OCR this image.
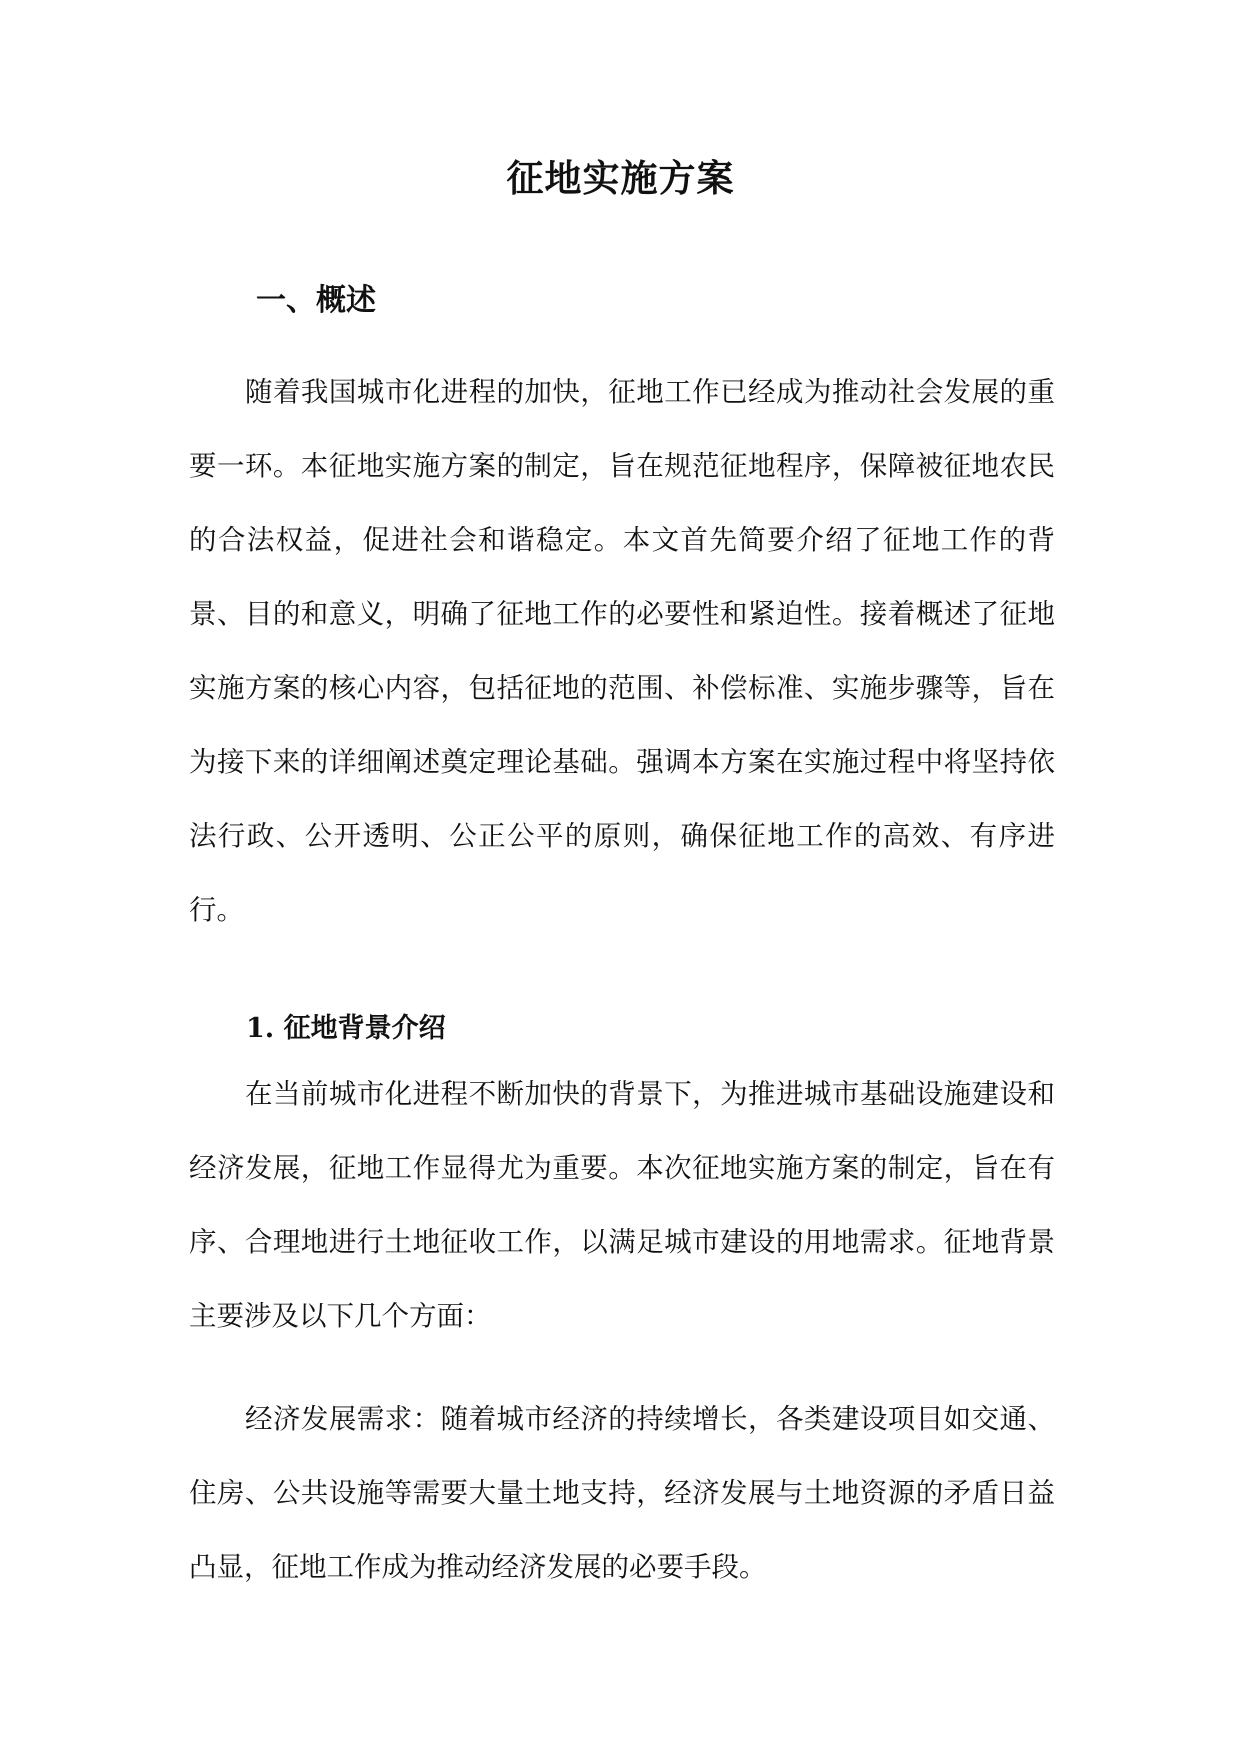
征地实施方案
一、概述

随着我国城市化进程的加快，征地工作已经成为推动社会发展的重要一环。本征地实施方案的制定，旨在规范征地程序，保障被征地农民的合法权益，促进社会和谐稳定。本文首先简要介绍了征地工作的背景、目的和意义，明确了征地工作的必要性和紧迫性。接着概述了征地实施方案的核心内容，包括征地的范围、补偿标准、实施步骤等，旨在为接下来的详细阐述奠定理论基础。强调本方案在实施过程中将坚持依法行政、公开透明、公正公平的原则，确保征地工作的高效、有序进行。

1. 征地背景介绍

在当前城市化进程不断加快的背景下，为推进城市基础设施建设和经济发展，征地工作显得尤为重要。本次征地实施方案的制定，旨在有序、合理地进行土地征收工作，以满足城市建设的用地需求。征地背景主要涉及以下几个方面：

经济发展需求：随着城市经济的持续增长，各类建设项目如交通、住房、公共设施等需要大量土地支持，经济发展与土地资源的矛盾日益凸显，征地工作成为推动经济发展的必要手段。
